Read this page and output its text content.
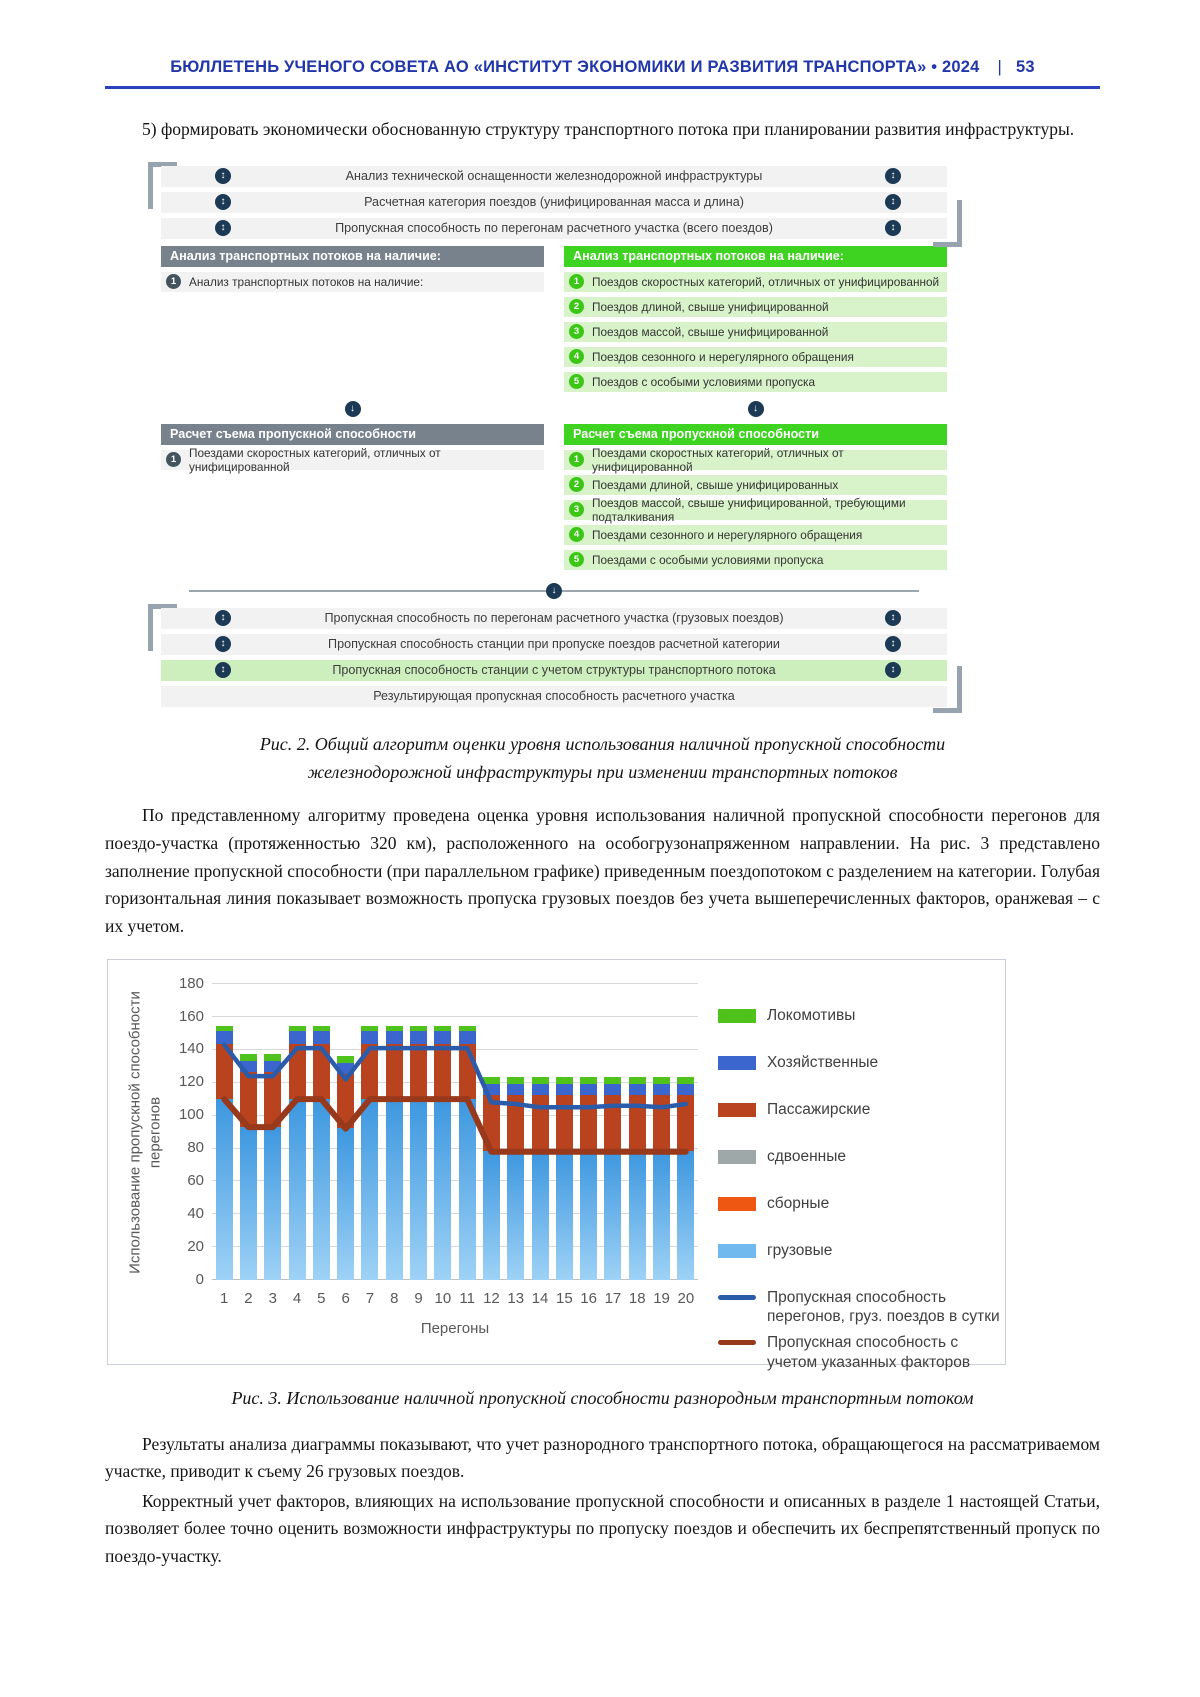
БЮЛЛЕТЕНЬ УЧЕНОГО СОВЕТА АО «ИНСТИТУТ ЭКОНОМИКИ И РАЗВИТИЯ ТРАНСПОРТА» • 2024 | 53

5) формировать экономически обоснованную структуру транспортного потока при планировании развития инфраструктуры.

↕	Анализ технической оснащенности железнодорожной инфраструктуры	↕
↕	Расчетная категория поездов (унифицированная масса и длина)	↕
↕	Пропускная способность по перегонам расчетного участка (всего поездов)	↕
Анализ транспортных потоков на наличие:
1	Анализ транспортных потоков на наличие:
Анализ транспортных потоков на наличие:
1	Поездов скоростных категорий, отличных от унифицированной
2	Поездов длиной, свыше унифицированной
3	Поездов массой, свыше унифицированной
4	Поездов сезонного и нерегулярного обращения
5	Поездов с особыми условиями пропуска
↓	↓
Расчет съема пропускной способности
1	Поездами скоростных категорий, отличных от унифицированной
Расчет съема пропускной способности
1	Поездами скоростных категорий, отличных от унифицированной
2	Поездами длиной, свыше унифицированных
3	Поездов массой, свыше унифицированной, требующими подталкивания
4	Поездами сезонного и нерегулярного обращения
5	Поездами с особыми условиями пропуска
↓
↕	Пропускная способность по перегонам расчетного участка (грузовых поездов)	↕
↕	Пропускная способность станции при пропуске поездов расчетной категории	↕
↕	Пропускная способность станции с учетом структуры транспортного потока	↕
Результирующая пропускная способность расчетного участка

Рис. 2. Общий алгоритм оценки уровня использования наличной пропускной способности
железнодорожной инфраструктуры при изменении транспортных потоков

По представленному алгоритму проведена оценка уровня использования наличной пропускной способности перегонов для поездо-участка (протяженностью 320 км), расположенного на особогрузонапряженном направлении. На рис. 3 представлено заполнение пропускной способности (при параллельном графике) приведенным поездопотоком с разделением на категории. Голубая горизонтальная линия показывает возможность пропуска грузовых поездов без учета вышеперечисленных факторов, оранжевая – с их учетом.

Использование пропускной способности перегонов
0
20
40
60
80
100
120
140
160
180
1	2	3	4	5	6	7	8	9 10 11 12 13 14 15 16 17 18 19 20
Перегоны
Локомотивы
Хозяйственные
Пассажирские
сдвоенные
сборные
грузовые
Пропускная способность перегонов, груз. поездов в сутки
Пропускная способность с учетом указанных факторов

Рис. 3. Использование наличной пропускной способности разнородным транспортным потоком

Результаты анализа диаграммы показывают, что учет разнородного транспортного потока, обращающегося на рассматриваемом участке, приводит к съему 26 грузовых поездов.

Корректный учет факторов, влияющих на использование пропускной способности и описанных в разделе 1 настоящей Статьи, позволяет более точно оценить возможности инфраструктуры по пропуску поездов и обеспечить их беспрепятственный пропуск по поездо-участку.
